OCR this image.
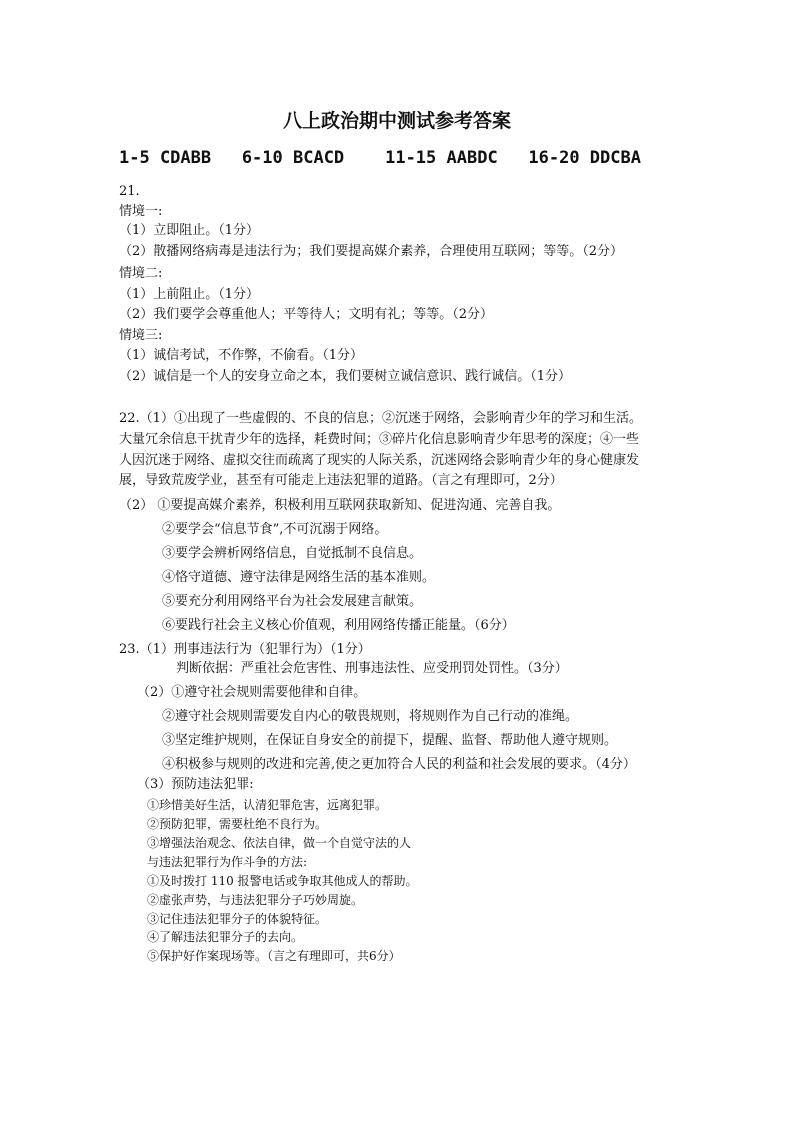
八上政治期中测试参考答案
1-5 CDABB   6-10 BCACD    11-15 AABDC   16-20 DDCBA
21.
情境一:
（1）立即阻止。（1分）
（2）散播网络病毒是违法行为；我们要提高媒介素养，合理使用互联网；等等。（2分）
情境二:
（1）上前阻止。（1分）
（2）我们要学会尊重他人；平等待人；文明有礼；等等。（2分）
情境三:
（1）诚信考试，不作弊，不偷看。（1分）
（2）诚信是一个人的安身立命之本，我们要树立诚信意识、践行诚信。（1分）
22.（1）①出现了一些虚假的、不良的信息；②沉迷于网络，会影响青少年的学习和生活。
大量冗余信息干扰青少年的选择，耗费时间；③碎片化信息影响青少年思考的深度；④一些
人因沉迷于网络、虚拟交往而疏离了现实的人际关系，沉迷网络会影响青少年的身心健康发
展，导致荒废学业，甚至有可能走上违法犯罪的道路。（言之有理即可，2分）
（2） ①要提高媒介素养，积极利用互联网获取新知、促进沟通、完善自我。
②要学会“信息节食”,不可沉溺于网络。
③要学会辨析网络信息，自觉抵制不良信息。
④恪守道德、遵守法律是网络生活的基本准则。
⑤要充分利用网络平台为社会发展建言献策。
⑥要践行社会主义核心价值观，利用网络传播正能量。（6分）
23.（1）刑事违法行为（犯罪行为）（1分）
判断依据：严重社会危害性、刑事违法性、应受刑罚处罚性。（3分）
（2）①遵守社会规则需要他律和自律。
②遵守社会规则需要发自内心的敬畏规则，将规则作为自己行动的准绳。
③坚定维护规则，在保证自身安全的前提下，提醒、监督、帮助他人遵守规则。
④积极参与规则的改进和完善,使之更加符合人民的利益和社会发展的要求。（4分）
（3）预防违法犯罪:
①珍惜美好生活，认清犯罪危害，远离犯罪。
②预防犯罪，需要杜绝不良行为。
③增强法治观念、依法自律，做一个自觉守法的人
与违法犯罪行为作斗争的方法:
①及时拨打 110 报警电话或争取其他成人的帮助。
②虚张声势，与违法犯罪分子巧妙周旋。
③记住违法犯罪分子的体貌特征。
④了解违法犯罪分子的去向。
⑤保护好作案现场等。（言之有理即可，共6分）
